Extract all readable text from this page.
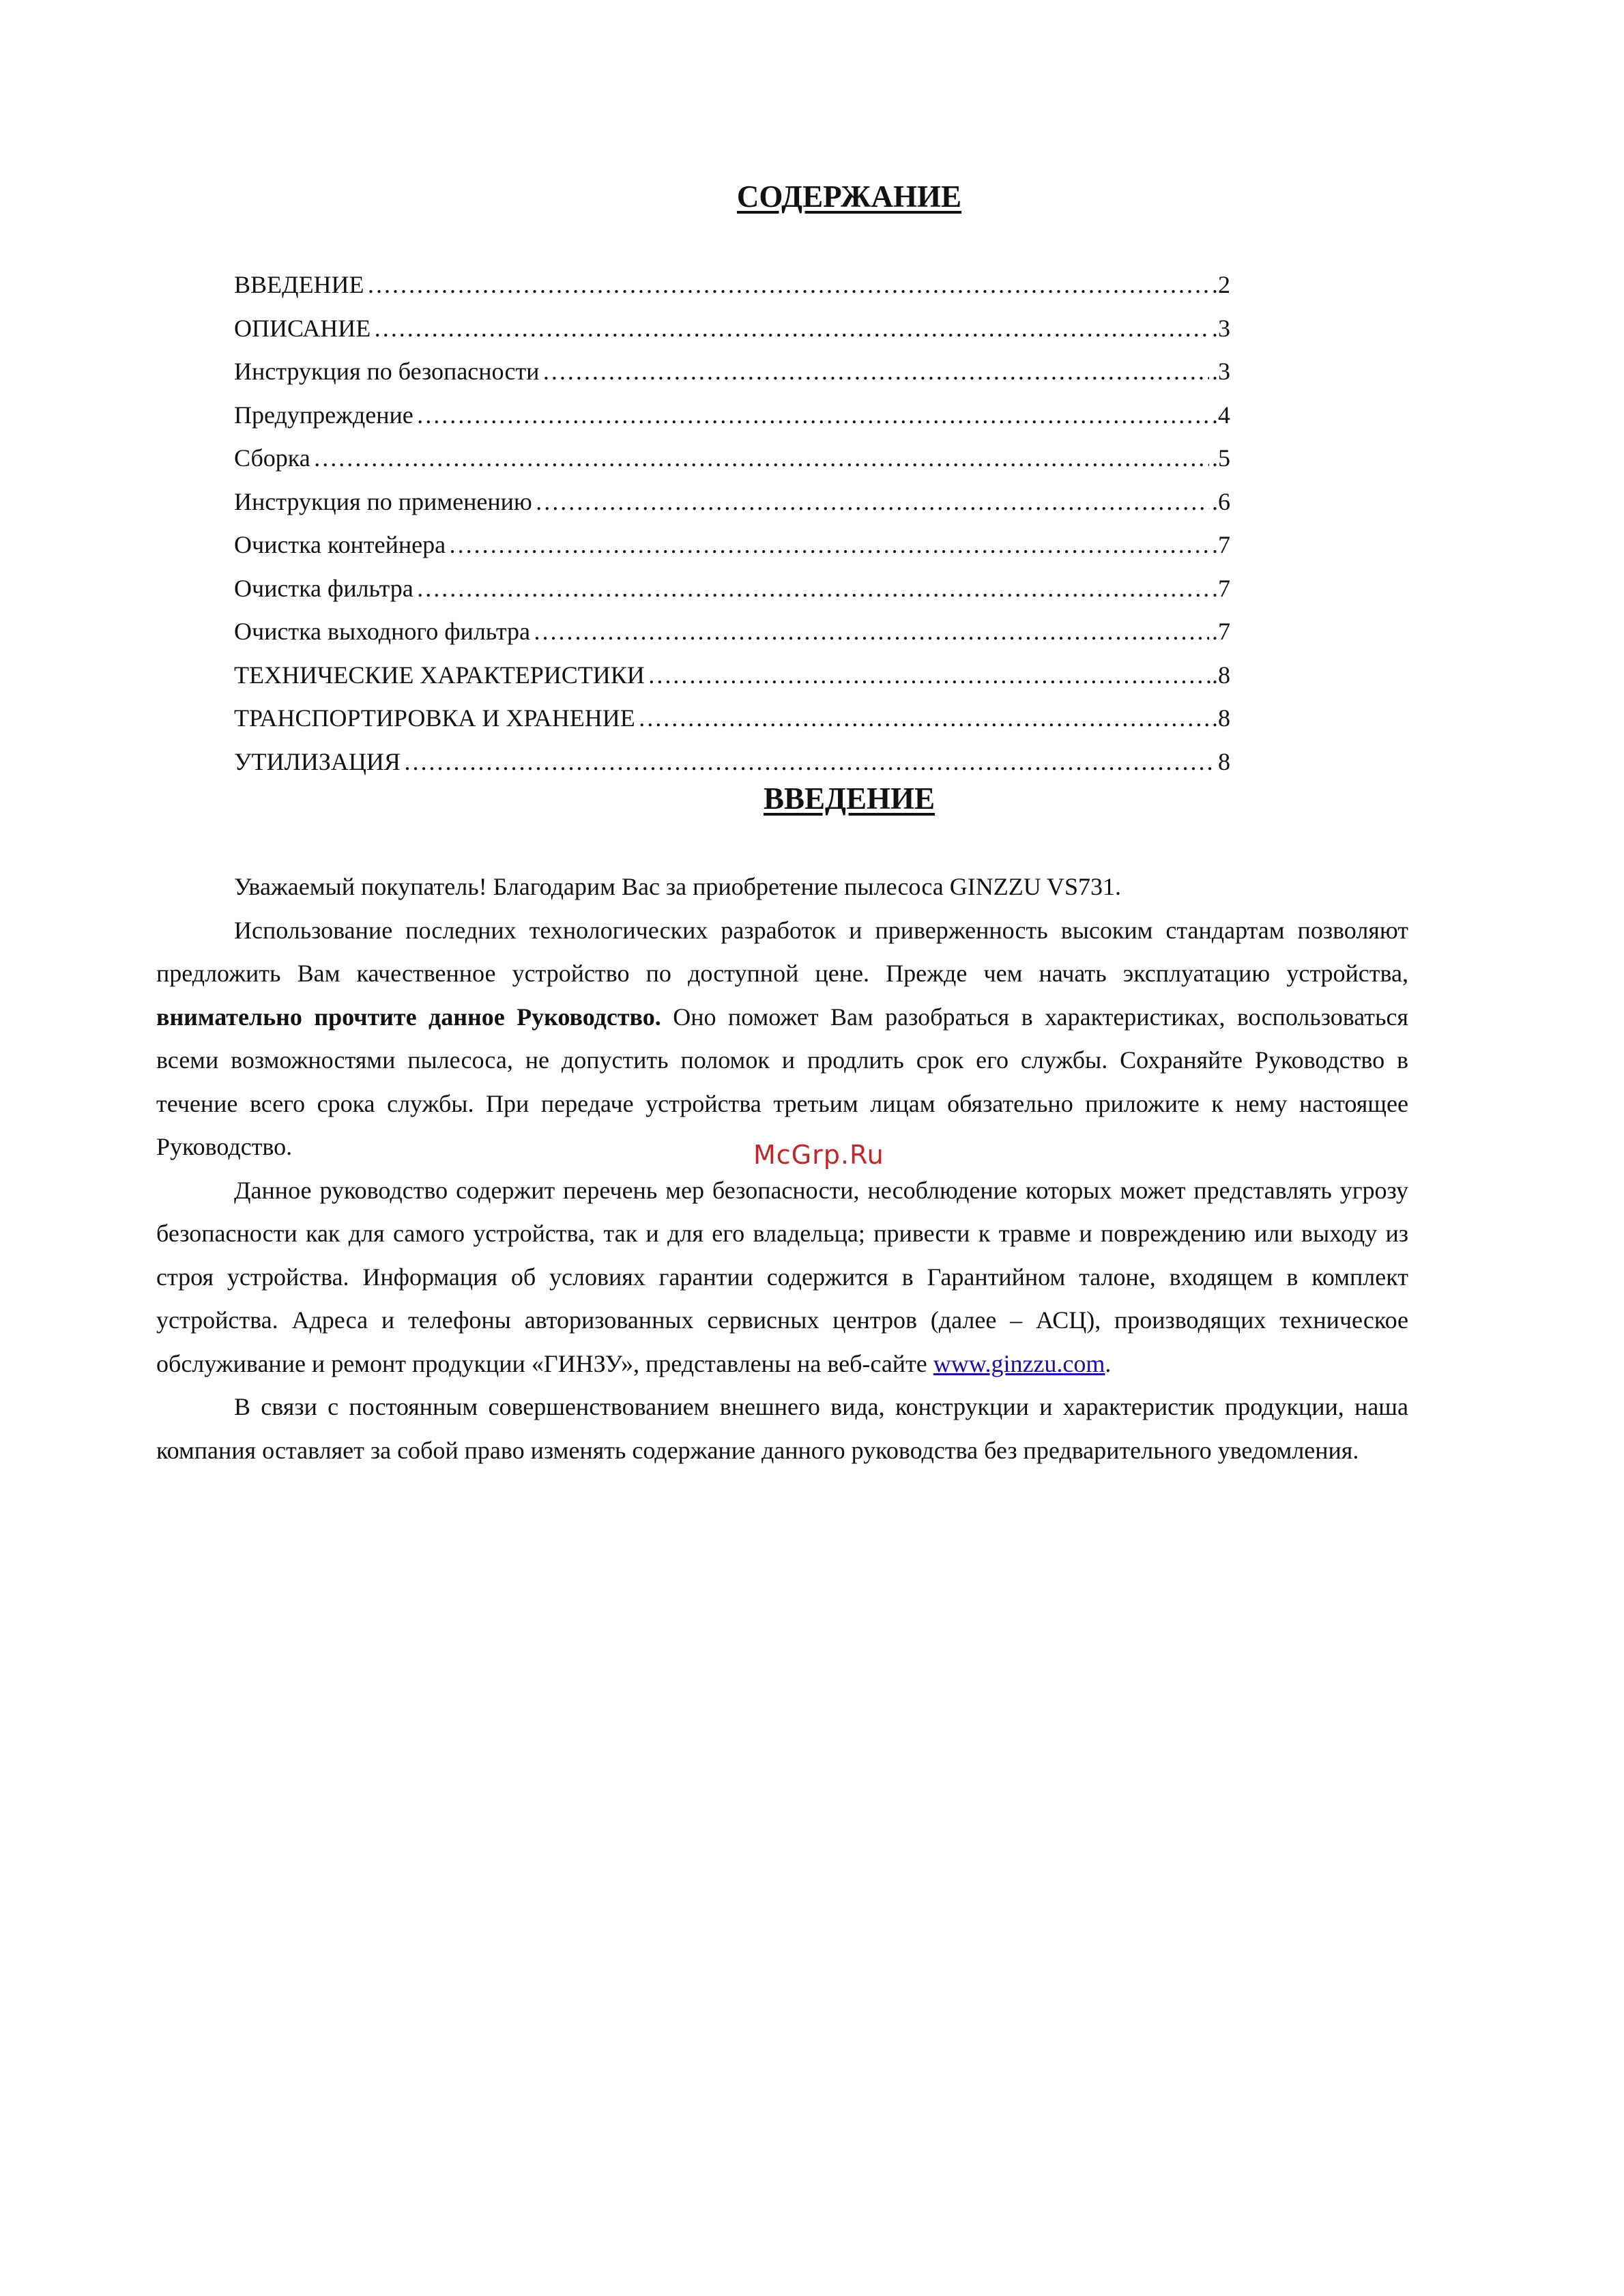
СОДЕРЖАНИЕ
ВВЕДЕНИЕ ………………………………………………………………………………………………………………………………………………………………………………………………	.2
ОПИСАНИЕ ………………………………………………………………………………………………………………………………………………………………………………………………	.3
Инструкция по безопасности ………………………………………………………………………………………………………………………………………………………………………………………………	.3
Предупреждение ………………………………………………………………………………………………………………………………………………………………………………………………	.4
Сборка ………………………………………………………………………………………………………………………………………………………………………………………………	.5
Инструкция по применению ………………………………………………………………………………………………………………………………………………………………………………………………	.6
Очистка контейнера ………………………………………………………………………………………………………………………………………………………………………………………………	.7
Очистка фильтра ………………………………………………………………………………………………………………………………………………………………………………………………	.7
Очистка выходного фильтра ………………………………………………………………………………………………………………………………………………………………………………………………	.7
ТЕХНИЧЕСКИЕ ХАРАКТЕРИСТИКИ ………………………………………………………………………………………………………………………………………………………………………………………………	..8
ТРАНСПОРТИРОВКА И ХРАНЕНИЕ ………………………………………………………………………………………………………………………………………………………………………………………………	.8
УТИЛИЗАЦИЯ ………………………………………………………………………………………………………………………………………………………………………………………………	8
ВВЕДЕНИЕ

Уважаемый покупатель! Благодарим Вас за приобретение пылесоса GINZZU VS731.

Использование последних технологических разработок и приверженность высоким стандартам позволяют предложить Вам качественное устройство по доступной цене. Прежде чем начать эксплуатацию устройства, внимательно прочтите данное Руководство. Оно поможет Вам разобраться в характеристиках, воспользоваться всеми возможностями пылесоса, не допустить поломок и продлить срок его службы. Сохраняйте Руководство в течение всего срока службы. При передаче устройства третьим лицам обязательно приложите к нему настоящее Руководство.

Данное руководство содержит перечень мер безопасности, несоблюдение которых может представлять угрозу безопасности как для самого устройства, так и для его владельца; привести к травме и повреждению или выходу из строя устройства. Информация об условиях гарантии содержится в Гарантийном талоне, входящем в комплект устройства. Адреса и телефоны авторизованных сервисных центров (далее – АСЦ), производящих техническое обслуживание и ремонт продукции «ГИНЗУ», представлены на веб-сайте www.ginzzu.com.

В связи с постоянным совершенствованием внешнего вида, конструкции и характеристик продукции, наша компания оставляет за собой право изменять содержание данного руководства без предварительного уведомления.

McGrp.Ru
